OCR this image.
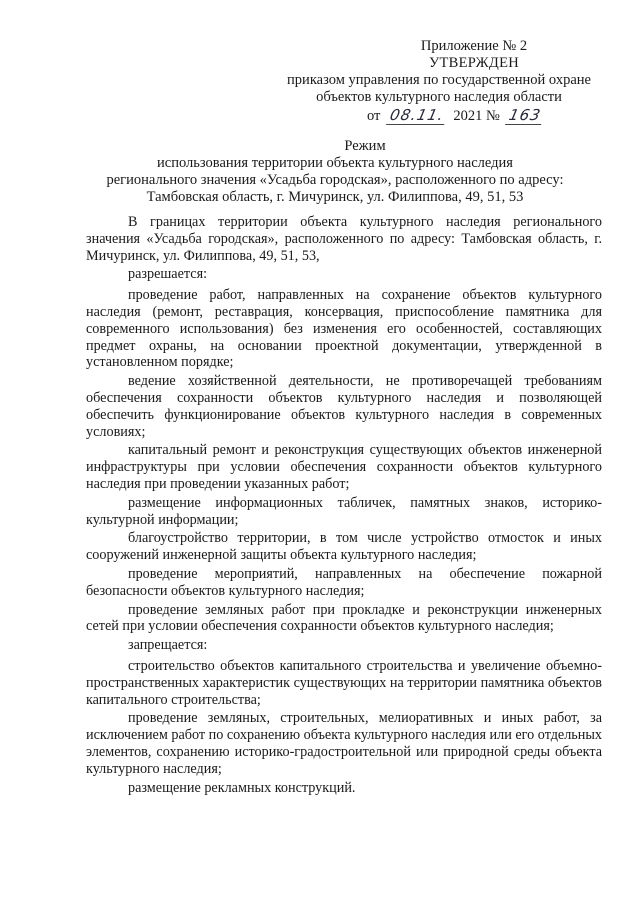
Приложение № 2
УТВЕРЖДЕН
приказом управления по государственной охране
объектов культурного наследия области
от 08.11. 2021 № 163
Режим
использования территории объекта культурного наследия
регионального значения «Усадьба городская», расположенного по адресу:
Тамбовская область, г. Мичуринск, ул. Филиппова, 49, 51, 53

В границах территории объекта культурного наследия регионального значения «Усадьба городская», расположенного по адресу: Тамбовская область, г. Мичуринск, ул. Филиппова, 49, 51, 53,

разрешается:

проведение работ, направленных на сохранение объектов культурного наследия (ремонт, реставрация, консервация, приспособление памятника для современного использования) без изменения его особенностей, составляющих предмет охраны, на основании проектной документации, утвержденной в установленном порядке;

ведение хозяйственной деятельности, не противоречащей требованиям обеспечения сохранности объектов культурного наследия и позволяющей обеспечить функционирование объектов культурного наследия в современных условиях;

капитальный ремонт и реконструкция существующих объектов инженерной инфраструктуры при условии обеспечения сохранности объектов культурного наследия при проведении указанных работ;

размещение информационных табличек, памятных знаков, историко-культурной информации;

благоустройство территории, в том числе устройство отмосток и иных сооружений инженерной защиты объекта культурного наследия;

проведение мероприятий, направленных на обеспечение пожарной безопасности объектов культурного наследия;

проведение земляных работ при прокладке и реконструкции инженерных сетей при условии обеспечения сохранности объектов культурного наследия;

запрещается:

строительство объектов капитального строительства и увеличение объемно-пространственных характеристик существующих на территории памятника объектов капитального строительства;

проведение земляных, строительных, мелиоративных и иных работ, за исключением работ по сохранению объекта культурного наследия или его отдельных элементов, сохранению историко-градостроительной или природной среды объекта культурного наследия;

размещение рекламных конструкций.
